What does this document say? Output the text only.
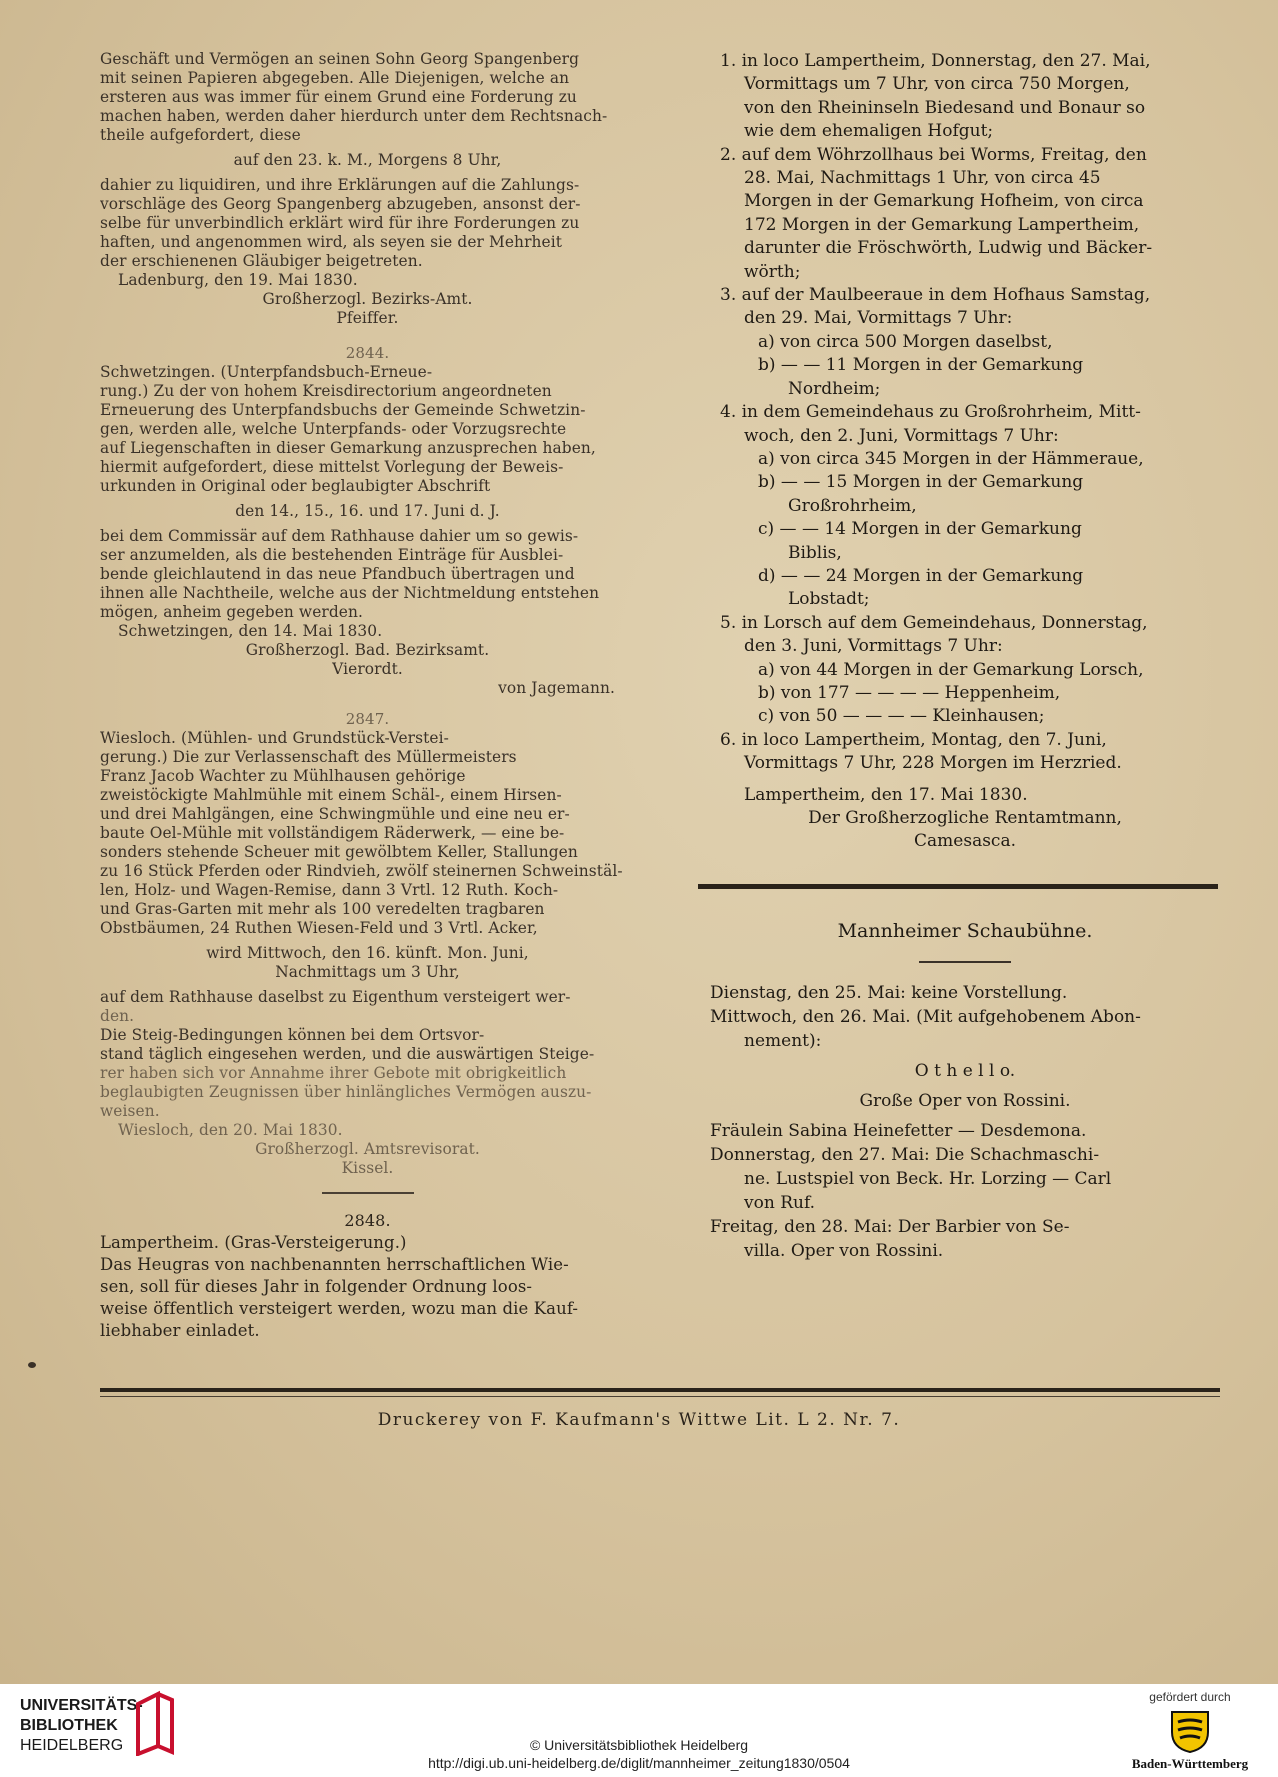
Geschäft und Vermögen an seinen Sohn Georg Spangenberg
mit seinen Papieren abgegeben. Alle Diejenigen, welche an
ersteren aus was immer für einem Grund eine Forderung zu
machen haben, werden daher hierdurch unter dem Rechtsnach-
theile aufgefordert, diese
auf den 23. k. M., Morgens 8 Uhr,
dahier zu liquidiren, und ihre Erklärungen auf die Zahlungs-
vorschläge des Georg Spangenberg abzugeben, ansonst der-
selbe für unverbindlich erklärt wird für ihre Forderungen zu
haften, und angenommen wird, als seyen sie der Mehrheit
der erschienenen Gläubiger beigetreten.
Ladenburg, den 19. Mai 1830.
Großherzogl. Bezirks-Amt.
Pfeiffer.
2844.
Schwetzingen. (Unterpfandsbuch-Erneue-
rung.) Zu der von hohem Kreisdirectorium angeordneten
Erneuerung des Unterpfandsbuchs der Gemeinde Schwetzin-
gen, werden alle, welche Unterpfands- oder Vorzugsrechte
auf Liegenschaften in dieser Gemarkung anzusprechen haben,
hiermit aufgefordert, diese mittelst Vorlegung der Beweis-
urkunden in Original oder beglaubigter Abschrift
den 14., 15., 16. und 17. Juni d. J.
bei dem Commissär auf dem Rathhause dahier um so gewis-
ser anzumelden, als die bestehenden Einträge für Ausblei-
bende gleichlautend in das neue Pfandbuch übertragen und
ihnen alle Nachtheile, welche aus der Nichtmeldung entstehen
mögen, anheim gegeben werden.
Schwetzingen, den 14. Mai 1830.
Großherzogl. Bad. Bezirksamt.
Vierordt.
von Jagemann.
2847.
Wiesloch. (Mühlen- und Grundstück-Verstei-
gerung.) Die zur Verlassenschaft des Müllermeisters
Franz Jacob Wachter zu Mühlhausen gehörige
zweistöckigte Mahlmühle mit einem Schäl-, einem Hirsen-
und drei Mahlgängen, eine Schwingmühle und eine neu er-
baute Oel-Mühle mit vollständigem Räderwerk, — eine be-
sonders stehende Scheuer mit gewölbtem Keller, Stallungen
zu 16 Stück Pferden oder Rindvieh, zwölf steinernen Schweinstäl-
len, Holz- und Wagen-Remise, dann 3 Vrtl. 12 Ruth. Koch-
und Gras-Garten mit mehr als 100 veredelten tragbaren
Obstbäumen, 24 Ruthen Wiesen-Feld und 3 Vrtl. Acker,
wird Mittwoch, den 16. künft. Mon. Juni,
Nachmittags um 3 Uhr,
auf dem Rathhause daselbst zu Eigenthum versteigert wer-
den.
Die Steig-Bedingungen können bei dem Ortsvor-
stand täglich eingesehen werden, und die auswärtigen Steige-
rer haben sich vor Annahme ihrer Gebote mit obrigkeitlich
beglaubigten Zeugnissen über hinlängliches Vermögen auszu-
weisen.
Wiesloch, den 20. Mai 1830.
Großherzogl. Amtsrevisorat.
Kissel.
2848.
Lampertheim. (Gras-Versteigerung.)
Das Heugras von nachbenannten herrschaftlichen Wie-
sen, soll für dieses Jahr in folgender Ordnung loos-
weise öffentlich versteigert werden, wozu man die Kauf-
liebhaber einladet.
1. in loco Lampertheim, Donnerstag, den 27. Mai,
Vormittags um 7 Uhr, von circa 750 Morgen,
von den Rheininseln Biedesand und Bonaur so
wie dem ehemaligen Hofgut;
2. auf dem Wöhrzollhaus bei Worms, Freitag, den
28. Mai, Nachmittags 1 Uhr, von circa 45
Morgen in der Gemarkung Hofheim, von circa
172 Morgen in der Gemarkung Lampertheim,
darunter die Fröschwörth, Ludwig und Bäcker-
wörth;
3. auf der Maulbeeraue in dem Hofhaus Samstag,
den 29. Mai, Vormittags 7 Uhr:
a) von circa 500 Morgen daselbst,
b) — — 11 Morgen in der Gemarkung
Nordheim;
4. in dem Gemeindehaus zu Großrohrheim, Mitt-
woch, den 2. Juni, Vormittags 7 Uhr:
a) von circa 345 Morgen in der Hämmeraue,
b) — — 15 Morgen in der Gemarkung
Großrohrheim,
c) — — 14 Morgen in der Gemarkung
Biblis,
d) — — 24 Morgen in der Gemarkung
Lobstadt;
5. in Lorsch auf dem Gemeindehaus, Donnerstag,
den 3. Juni, Vormittags 7 Uhr:
a) von 44 Morgen in der Gemarkung Lorsch,
b) von 177 — — — — Heppenheim,
c) von 50 — — — — Kleinhausen;
6. in loco Lampertheim, Montag, den 7. Juni,
Vormittags 7 Uhr, 228 Morgen im Herzried.
Lampertheim, den 17. Mai 1830.
Der Großherzogliche Rentamtmann,
Camesasca.
Mannheimer Schaubühne.
Dienstag, den 25. Mai: keine Vorstellung.
Mittwoch, den 26. Mai. (Mit aufgehobenem Abon-
nement):
O t h e l l o.
Große Oper von Rossini.
Fräulein Sabina Heinefetter — Desdemona.
Donnerstag, den 27. Mai: Die Schachmaschi-
ne. Lustspiel von Beck. Hr. Lorzing — Carl
von Ruf.
Freitag, den 28. Mai: Der Barbier von Se-
villa. Oper von Rossini.
Druckerey von F. Kaufmann's Wittwe Lit. L 2. Nr. 7.
UNIVERSITÄTS-
BIBLIOTHEK
HEIDELBERG	© Universitätsbibliothek Heidelberg
http://digi.ub.uni-heidelberg.de/diglit/mannheimer_zeitung1830/0504
gefördert durch
Baden-Württemberg
